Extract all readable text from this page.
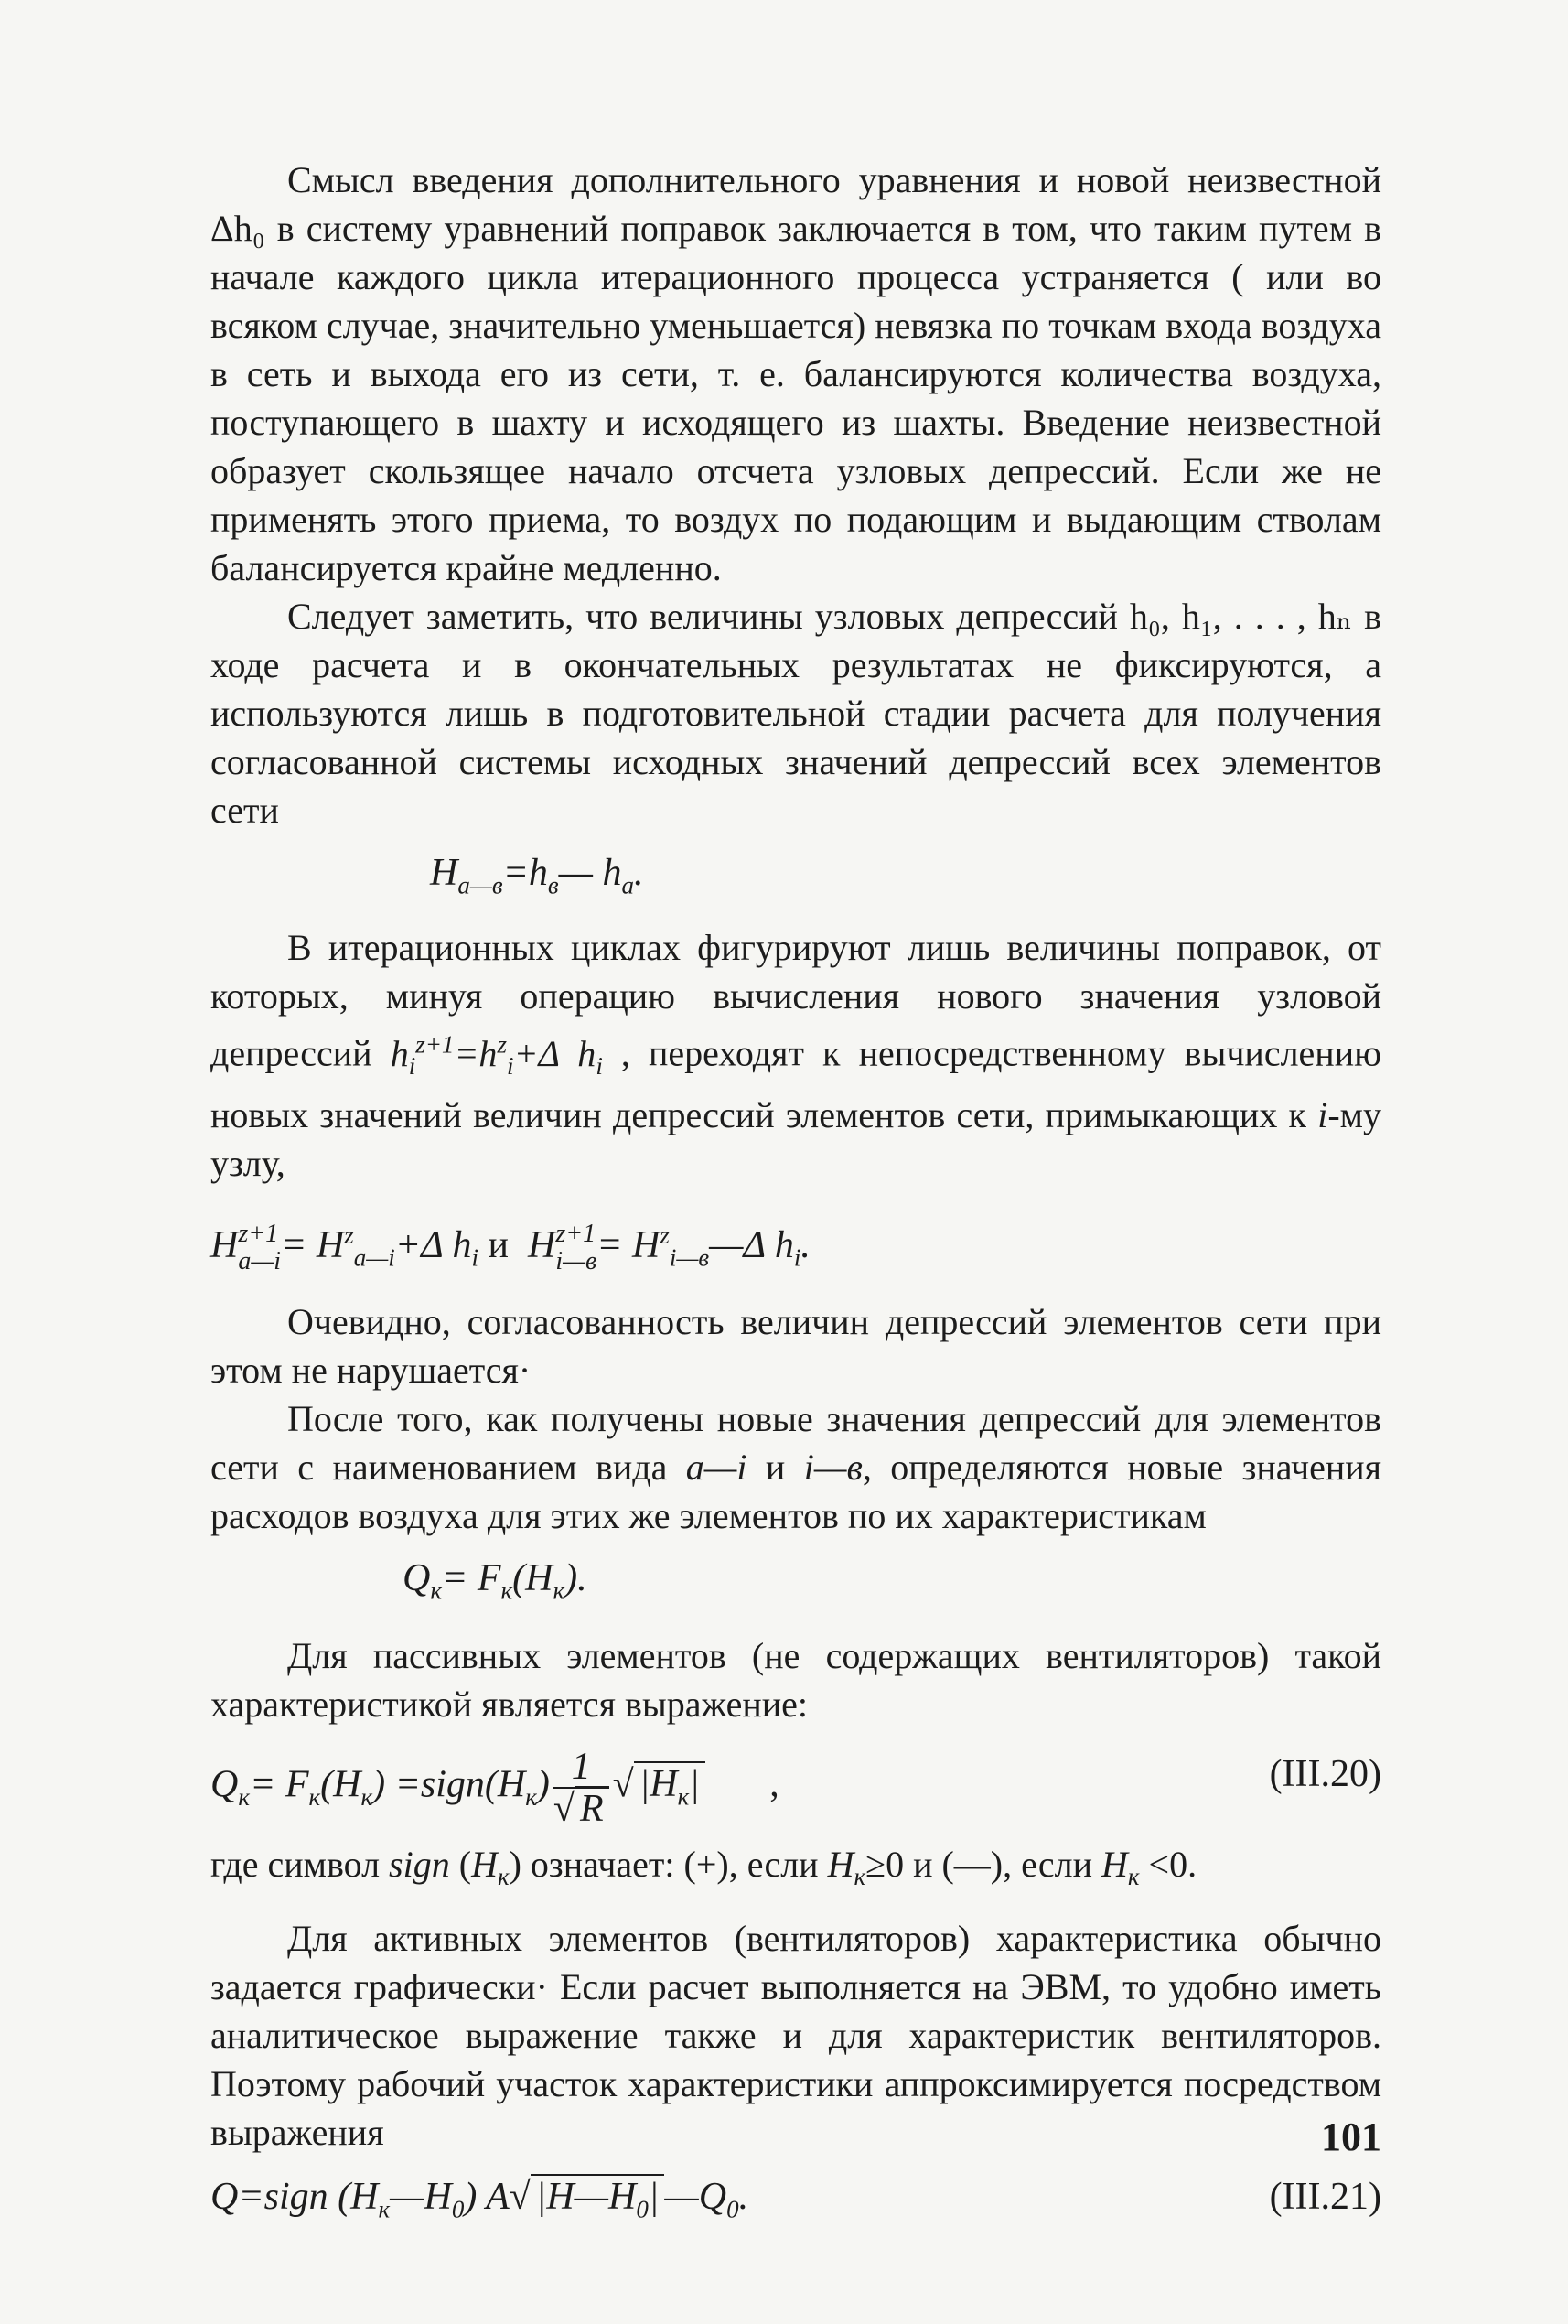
Смысл введения дополнительного уравнения и новой неизвестной Δh₀ в систему уравнений поправок заключается в том, что таким путем в начале каждого цикла итерационного процесса устраняется ( или во всяком случае, значительно уменьшается) невязка по точкам входа воздуха в сеть и выхода его из сети, т. е. балансируются количества воздуха, поступающего в шахту и исходящего из шахты. Введение неизвестной образует скользящее начало отсчета узловых депрессий. Если же не применять этого приема, то воздух по подающим и выдающим стволам балансируется крайне медленно.

Следует заметить, что величины узловых депрессий h₀, h₁, . . . , hₙ в ходе расчета и в окончательных результатах не фиксируются, а используются лишь в подготовительной стадии расчета для получения согласованной системы исходных значений депрессий всех элементов сети

$H_{a—в}=h_в—$ $h_a$.

В итерационных циклах фигурируют лишь величины поправок, от которых, минуя операцию вычисления нового значения узловой депрессий $h_i^{z+1}=h^z_i+\Delta$ $h_i$ , переходят к непосредственному вычислению новых значений величин депрессий элементов сети, примыкающих к i-му узлу,

H z+1
a—i = $H^z_{a—i}+\Delta$ $h_i$ и  H z+1
i—в = $H^z_{i—в}—\Delta$ $h_i$.

Очевидно, согласованность величин депрессий элементов сети при этом не нарушается·

После того, как получены новые значения депрессий для элементов сети с наименованием вида a—i и i—в, определяются новые значения расходов воздуха для этих же элементов по их характеристикам

$Q_к= F_к(H_к)$.

Для пассивных элементов (не содержащих вентиляторов) такой характеристикой является выражение:

$Q_к= F_к(H_к)$ $=sign(H_к) \frac{1}{√ R}$ √ $|H_к|$ ,	(III.20)

где символ sign $(H_к)$ означает: (+), если $H_к\ge 0$ и (—), если $H_к <0$.

Для активных элементов (вентиляторов) характеристика обычно задается графически· Если расчет выполняется на ЭВМ, то удобно иметь аналитическое выражение также и для характеристик вентиляторов. Поэтому рабочий участок характеристики аппроксимируется посредством выражения

Q=sign $(H_к—H_0)$ A√ $|H—H_0|$ $—Q_0$.	(III.21)
101
